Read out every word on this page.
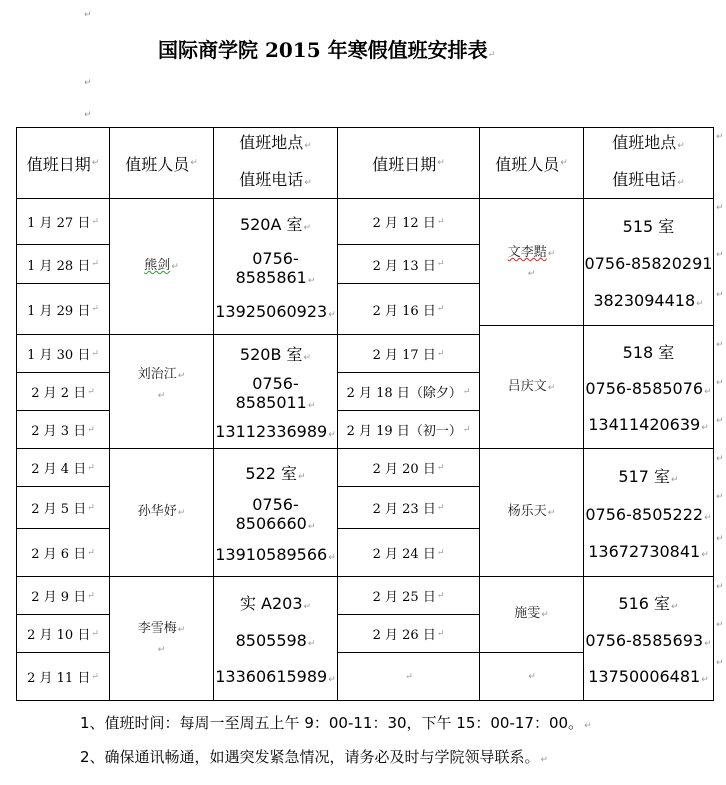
↵
国际商学院 2015 年寒假值班安排表↵
↵
↵
值班日期 ↵ 值班人员 ↵
值班地点↵
值班电话↵
值班日期 ↵	值班人员 ↵
值班地点↵
值班电话↵
1 月 27 日 ↵
1 月 28 日 ↵
1 月 29 日 ↵
1 月 30 日 ↵
2 月 2 日 ↵
2 月 3 日 ↵
2 月 4 日 ↵
2 月 5 日 ↵
2 月 6 日 ↵
2 月 9 日 ↵
2 月 10 日 ↵
2 月 11 日 ↵
熊剑↵
刘治江↵
↵
孙华妤↵
李雪梅↵
↵
520A 室↵
0756-8585861↵
13925060923↵
520B 室↵
0756-8585011↵
13112336989↵
522 室↵
0756-8506660↵
13910589566↵
实 A203↵
8505598↵
13360615989↵
2 月 12 日 ↵
2 月 13 日 ↵
2 月 16 日 ↵
2 月 17 日 ↵
2 月 18 日（除夕） ↵
2 月 19 日（初一） ↵
2 月 20 日 ↵
2 月 23 日 ↵
2 月 24 日 ↵
2 月 25 日 ↵
2 月 26 日 ↵
↵
文李黠↵
↵
吕庆文↵
杨乐天↵
施雯↵
↵
515 室
0756-85820291
3823094418↵
518 室
0756-8585076↵
13411420639↵
517 室↵
0756-8505222↵
13672730841↵
516 室↵
0756-8585693↵
13750006481↵
↵
↵
↵
↵
↵
↵
↵
↵
↵
↵
↵
↵
↵
1、值班时间：每周一至周五上午 9：00-11：30，下午 15：00-17：00。↵
2、确保通讯畅通，如遇突发紧急情况，请务必及时与学院领导联系。↵
